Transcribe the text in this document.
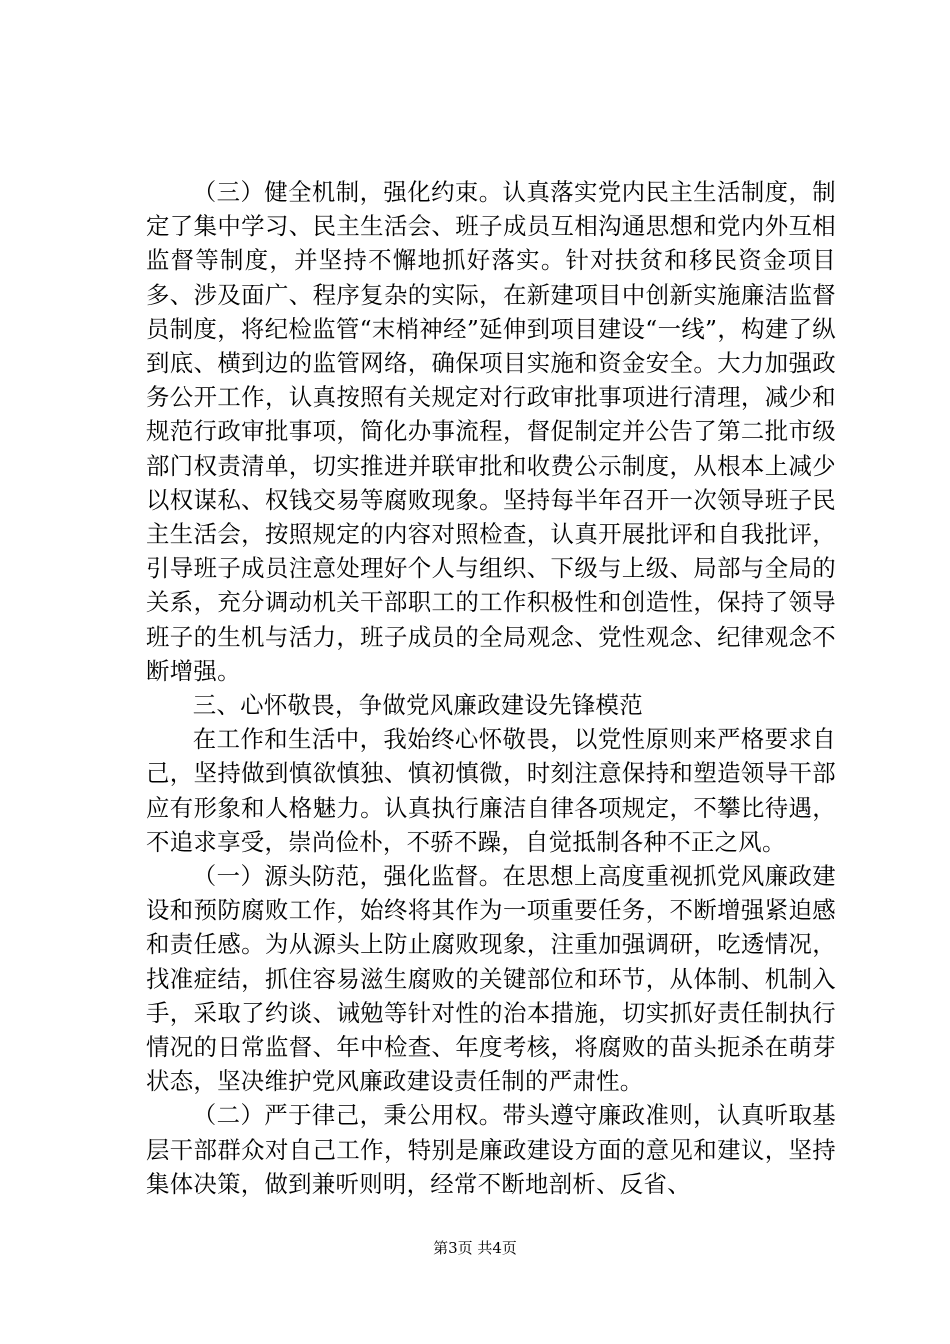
（三）健全机制，强化约束。认真落实党内民主生活制度，制定了集中学习、民主生活会、班子成员互相沟通思想和党内外互相监督等制度，并坚持不懈地抓好落实。针对扶贫和移民资金项目多、涉及面广、程序复杂的实际，在新建项目中创新实施廉洁监督员制度，将纪检监管“末梢神经”延伸到项目建设“一线”，构建了纵到底、横到边的监管网络，确保项目实施和资金安全。大力加强政务公开工作，认真按照有关规定对行政审批事项进行清理，减少和规范行政审批事项，简化办事流程，督促制定并公告了第二批市级部门权责清单，切实推进并联审批和收费公示制度，从根本上减少以权谋私、权钱交易等腐败现象。坚持每半年召开一次领导班子民主生活会，按照规定的内容对照检查，认真开展批评和自我批评，引导班子成员注意处理好个人与组织、下级与上级、局部与全局的关系，充分调动机关干部职工的工作积极性和创造性，保持了领导班子的生机与活力，班子成员的全局观念、党性观念、纪律观念不断增强。

三、心怀敬畏，争做党风廉政建设先锋模范

在工作和生活中，我始终心怀敬畏，以党性原则来严格要求自己，坚持做到慎欲慎独、慎初慎微，时刻注意保持和塑造领导干部应有形象和人格魅力。认真执行廉洁自律各项规定，不攀比待遇，不追求享受，崇尚俭朴，不骄不躁，自觉抵制各种不正之风。

（一）源头防范，强化监督。在思想上高度重视抓党风廉政建设和预防腐败工作，始终将其作为一项重要任务，不断增强紧迫感和责任感。为从源头上防止腐败现象，注重加强调研，吃透情况，找准症结，抓住容易滋生腐败的关键部位和环节，从体制、机制入手，采取了约谈、诫勉等针对性的治本措施，切实抓好责任制执行情况的日常监督、年中检查、年度考核，将腐败的苗头扼杀在萌芽状态，坚决维护党风廉政建设责任制的严肃性。

（二）严于律己，秉公用权。带头遵守廉政准则，认真听取基层干部群众对自己工作，特别是廉政建设方面的意见和建议，坚持集体决策，做到兼听则明，经常不断地剖析、反省、

第3页 共4页
